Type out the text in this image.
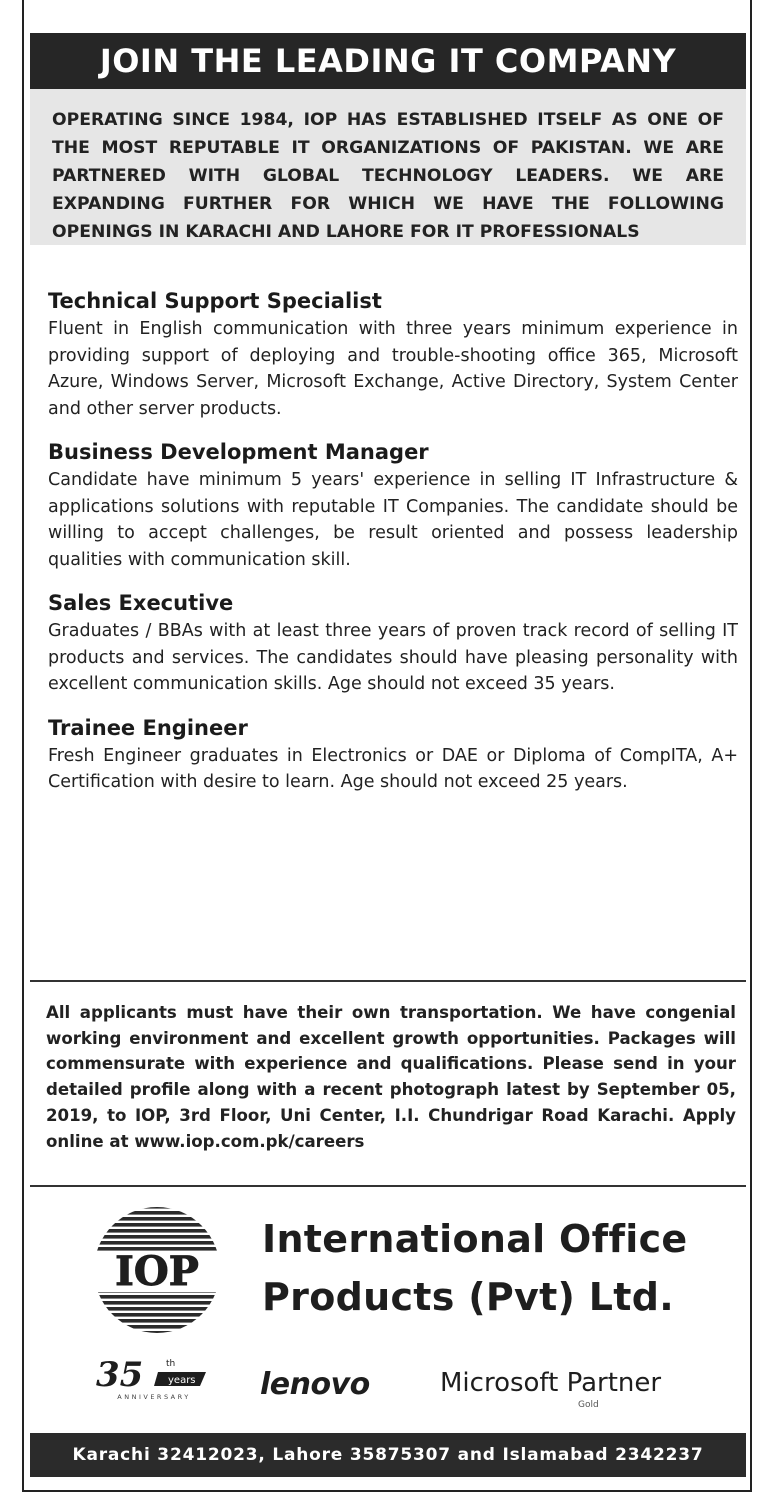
JOIN THE LEADING IT COMPANY
OPERATING SINCE 1984, IOP HAS ESTABLISHED ITSELF AS ONE OF THE MOST REPUTABLE IT ORGANIZATIONS OF PAKISTAN. WE ARE PARTNERED WITH GLOBAL TECHNOLOGY LEADERS. WE ARE EXPANDING FURTHER FOR WHICH WE HAVE THE FOLLOWING OPENINGS IN KARACHI AND LAHORE FOR IT PROFESSIONALS
Technical Support Specialist
Fluent in English communication with three years minimum experience in providing support of deploying and trouble-shooting office 365, Microsoft Azure, Windows Server, Microsoft Exchange, Active Directory, System Center and other server products.
Business Development Manager
Candidate have minimum 5 years' experience in selling IT Infrastructure & applications solutions with reputable IT Companies. The candidate should be willing to accept challenges, be result oriented and possess leadership qualities with communication skill.
Sales Executive
Graduates / BBAs with at least three years of proven track record of selling IT products and services. The candidates should have pleasing personality with excellent communication skills. Age should not exceed 35 years.
Trainee Engineer
Fresh Engineer graduates in Electronics or DAE or Diploma of CompITA, A+ Certification with desire to learn. Age should not exceed 25 years.
All applicants must have their own transportation. We have congenial working environment and excellent growth opportunities. Packages will commensurate with experience and qualifications. Please send in your detailed profile along with a recent photograph latest by September 05, 2019, to IOP, 3rd Floor, Uni Center, I.I. Chundrigar Road Karachi. Apply online at www.iop.com.pk/careers
IOP
35	th
years
ANNIVERSARY
International Office
Products (Pvt) Ltd.
lenovo	Microsoft Partner
Gold
Karachi 32412023, Lahore 35875307 and Islamabad 2342237
